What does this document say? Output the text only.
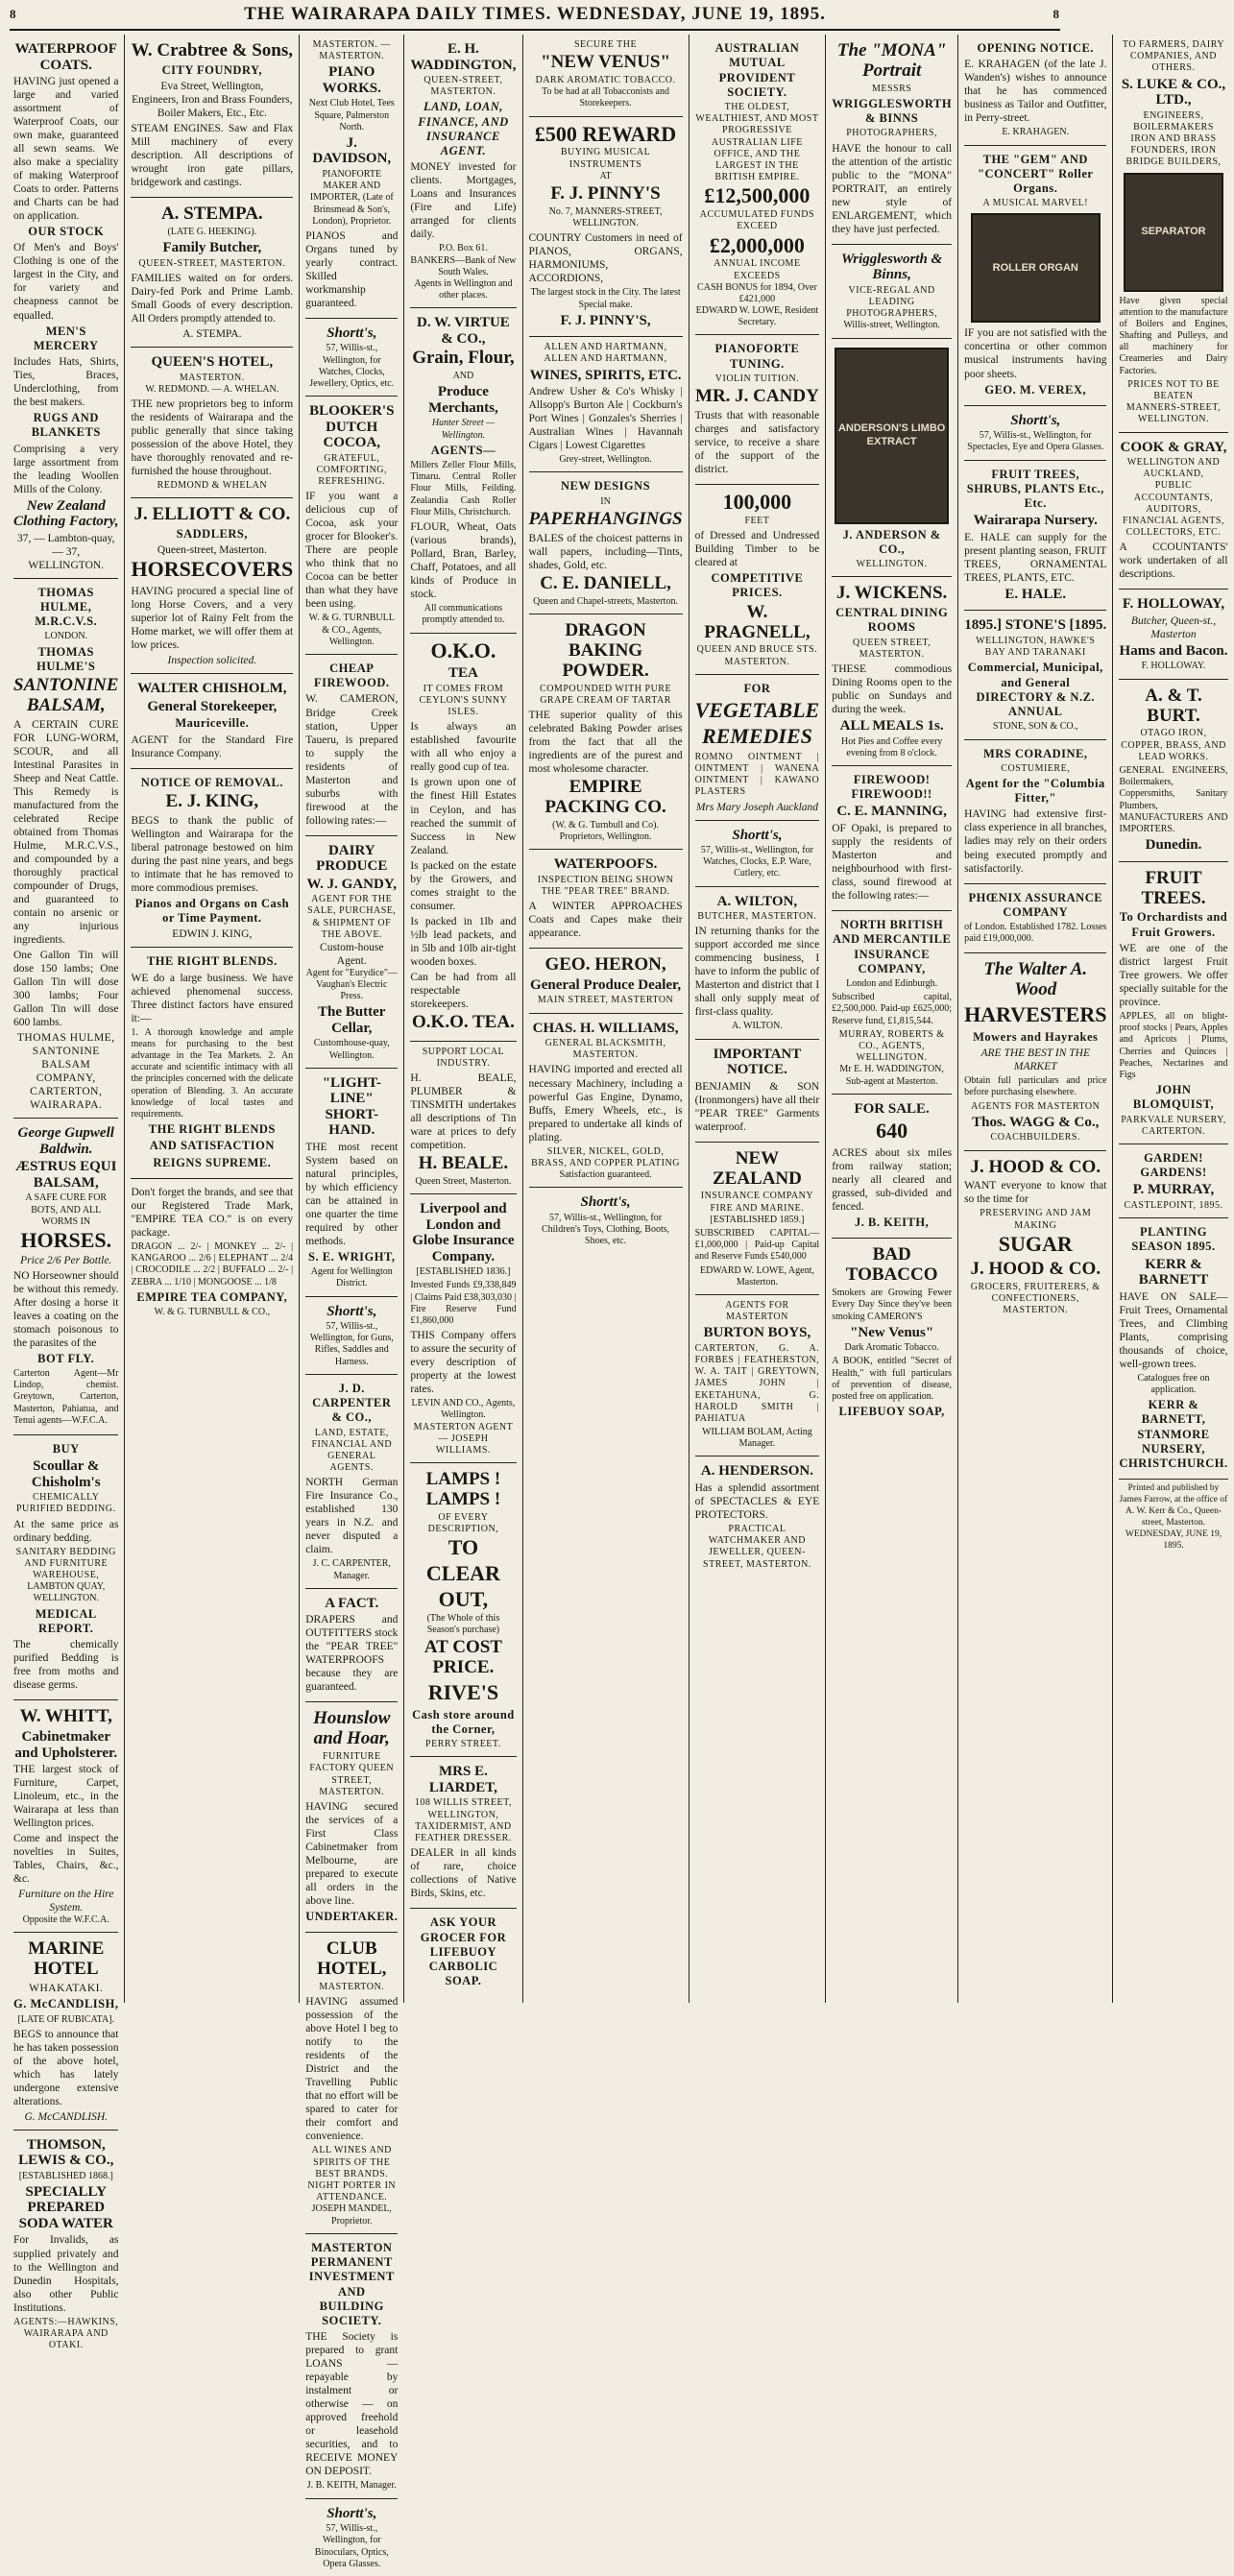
8	THE WAIRARAPA DAILY TIMES. WEDNESDAY, JUNE 19, 1895.	8
WATERPROOF COATS.
HAVING just opened a large and varied assortment of Waterproof Coats, our own make, guaranteed all sewn seams. We also make a speciality of making Waterproof Coats to order. Patterns and Charts can be had on application.
OUR STOCK
Of Men's and Boys' Clothing is one of the largest in the City, and for variety and cheapness cannot be equalled.
MEN'S MERCERY
Includes Hats, Shirts, Ties, Braces, Underclothing, from the best makers.
RUGS AND BLANKETS
Comprising a very large assortment from the leading Woollen Mills of the Colony.
New Zealand Clothing Factory,
37, — Lambton-quay, — 37, WELLINGTON.
THOMAS HULME, M.R.C.V.S.
LONDON.
THOMAS HULME'S
SANTONINE BALSAM,
A CERTAIN CURE FOR LUNG-WORM, SCOUR, and all Intestinal Parasites in Sheep and Neat Cattle. This Remedy is manufactured from the celebrated Recipe obtained from Thomas Hulme, M.R.C.V.S., and compounded by a thoroughly practical compounder of Drugs, and guaranteed to contain no arsenic or any injurious ingredients.
One Gallon Tin will dose 150 lambs; One Gallon Tin will dose 300 lambs; Four Gallon Tin will dose 600 lambs.
THOMAS HULME, SANTONINE BALSAM COMPANY, CARTERTON, WAIRARAPA.
George Gupwell Baldwin.
ÆSTRUS EQUI BALSAM,
A SAFE CURE FOR BOTS, AND ALL WORMS IN
HORSES.
Price 2/6 Per Bottle.
NO Horseowner should be without this remedy. After dosing a horse it leaves a coating on the stomach poisonous to the parasites of the
BOT FLY.
Carterton Agent—Mr Lindop, chemist. Greytown, Carterton, Masterton, Pahiatua, and Tenui agents—W.F.C.A.
BUY
Scoullar & Chisholm's
CHEMICALLY PURIFIED BEDDING.
At the same price as ordinary bedding.
SANITARY BEDDING AND FURNITURE WAREHOUSE,
LAMBTON QUAY, WELLINGTON.
MEDICAL REPORT.
The chemically purified Bedding is free from moths and disease germs.
W. WHITT,
Cabinetmaker and Upholsterer.
THE largest stock of Furniture, Carpet, Linoleum, etc., in the Wairarapa at less than Wellington prices.
Come and inspect the novelties in Suites, Tables, Chairs, &c., &c.
Furniture on the Hire System.
Opposite the W.F.C.A.
MARINE HOTEL
WHAKATAKI.
G. McCANDLISH,
[LATE OF RUBICATA].
BEGS to announce that he has taken possession of the above hotel, which has lately undergone extensive alterations.
G. McCANDLISH.
THOMSON, LEWIS & CO.,
[ESTABLISHED 1868.]
SPECIALLY PREPARED SODA WATER
For Invalids, as supplied privately and to the Wellington and Dunedin Hospitals, also other Public Institutions.
AGENTS:—HAWKINS, WAIRARAPA AND OTAKI.
W. Crabtree & Sons,
CITY FOUNDRY,
Eva Street, Wellington,
Engineers, Iron and Brass Founders, Boiler Makers, Etc., Etc.
STEAM ENGINES. Saw and Flax Mill machinery of every description. All descriptions of wrought iron gate pillars, bridgework and castings.
A. STEMPA.
(LATE G. HEEKING).
Family Butcher,
QUEEN-STREET, MASTERTON.
FAMILIES waited on for orders. Dairy-fed Pork and Prime Lamb. Small Goods of every description. All Orders promptly attended to.
A. STEMPA.
QUEEN'S HOTEL,
MASTERTON.
W. REDMOND. — A. WHELAN.
THE new proprietors beg to inform the residents of Wairarapa and the public generally that since taking possession of the above Hotel, they have thoroughly renovated and re-furnished the house throughout.
REDMOND & WHELAN
J. ELLIOTT & CO.
SADDLERS,
Queen-street, Masterton.
HORSECOVERS
HAVING procured a special line of long Horse Covers, and a very superior lot of Rainy Felt from the Home market, we will offer them at low prices.
Inspection solicited.
WALTER CHISHOLM,
General Storekeeper,
Mauriceville.
AGENT for the Standard Fire Insurance Company.
NOTICE OF REMOVAL.
E. J. KING,
BEGS to thank the public of Wellington and Wairarapa for the liberal patronage bestowed on him during the past nine years, and begs to intimate that he has removed to more commodious premises.
Pianos and Organs on Cash or Time Payment.
EDWIN J. KING,
THE RIGHT BLENDS.
WE do a large business. We have achieved phenomenal success. Three distinct factors have ensured it:—
1. A thorough knowledge and ample means for purchasing to the best advantage in the Tea Markets. 2. An accurate and scientific intimacy with all the principles concerned with the delicate operation of Blending. 3. An accurate knowledge of local tastes and requirements.
THE RIGHT BLENDS
AND SATISFACTION
REIGNS SUPREME.
Don't forget the brands, and see that our Registered Trade Mark, "EMPIRE TEA CO." is on every package.
DRAGON ... 2/- | MONKEY ... 2/- | KANGAROO ... 2/6 | ELEPHANT ... 2/4 | CROCODILE ... 2/2 | BUFFALO ... 2/- | ZEBRA ... 1/10 | MONGOOSE ... 1/8
EMPIRE TEA COMPANY,
W. & G. TURNBULL & CO.,
MASTERTON. — MASTERTON.
PIANO WORKS.
Next Club Hotel, Tees Square, Palmerston North.
J. DAVIDSON,
PIANOFORTE MAKER AND IMPORTER, (Late of Brinsmead & Son's, London), Proprietor.
PIANOS and Organs tuned by yearly contract. Skilled workmanship guaranteed.
Shortt's,
57, Willis-st., Wellington, for Watches, Clocks, Jewellery, Optics, etc.
BLOOKER'S DUTCH COCOA,
GRATEFUL, COMFORTING, REFRESHING.
IF you want a delicious cup of Cocoa, ask your grocer for Blooker's. There are people who think that no Cocoa can be better than what they have been using.
W. & G. TURNBULL & CO., Agents, Wellington.
CHEAP FIREWOOD.
W. CAMERON, Bridge Creek station, Upper Taueru, is prepared to supply the residents of Masterton and suburbs with firewood at the following rates:—
DAIRY PRODUCE
W. J. GANDY,
AGENT FOR THE SALE, PURCHASE, & SHIPMENT OF THE ABOVE.
Custom-house Agent.
Agent for "Eurydice"—Vaughan's Electric Press.
The Butter Cellar,
Customhouse-quay, Wellington.
"LIGHT-LINE" SHORT-HAND.
THE most recent System based on natural principles, by which efficiency can be attained in one quarter the time required by other methods.
S. E. WRIGHT,
Agent for Wellington District.
Shortt's,
57, Willis-st., Wellington, for Guns, Rifles, Saddles and Harness.
J. D. CARPENTER & CO.,
LAND, ESTATE, FINANCIAL AND GENERAL AGENTS.
NORTH German Fire Insurance Co., established 130 years in N.Z. and never disputed a claim.
J. C. CARPENTER, Manager.
A FACT.
DRAPERS and OUTFITTERS stock the "PEAR TREE" WATERPROOFS because they are guaranteed.
Hounslow and Hoar,
FURNITURE FACTORY QUEEN STREET, MASTERTON.
HAVING secured the services of a First Class Cabinetmaker from Melbourne, are prepared to execute all orders in the above line.
UNDERTAKER.
CLUB HOTEL,
MASTERTON.
HAVING assumed possession of the above Hotel I beg to notify to the residents of the District and the Travelling Public that no effort will be spared to cater for their comfort and convenience.
ALL WINES AND SPIRITS OF THE BEST BRANDS.
NIGHT PORTER IN ATTENDANCE.
JOSEPH MANDEL, Proprietor.
MASTERTON PERMANENT INVESTMENT AND BUILDING SOCIETY.
THE Society is prepared to grant LOANS — repayable by instalment or otherwise — on approved freehold or leasehold securities, and to RECEIVE MONEY ON DEPOSIT.
J. B. KEITH, Manager.
Shortt's,
57, Willis-st., Wellington, for Binoculars, Optics, Opera Glasses.
E. H. WADDINGTON,
QUEEN-STREET, MASTERTON.
LAND, LOAN, FINANCE, AND INSURANCE AGENT.
MONEY invested for clients. Mortgages, Loans and Insurances (Fire and Life) arranged for clients daily.
P.O. Box 61.
BANKERS—Bank of New South Wales.
Agents in Wellington and other places.
D. W. VIRTUE & CO.,
Grain, Flour,
AND
Produce Merchants,
Hunter Street — Wellington.
AGENTS—
Millers Zeller Flour Mills, Timaru. Central Roller Flour Mills, Feilding. Zealandia Cash Roller Flour Mills, Christchurch.
FLOUR, Wheat, Oats (various brands), Pollard, Bran, Barley, Chaff, Potatoes, and all kinds of Produce in stock.
All communications promptly attended to.
O.K.O.
TEA
IT COMES FROM CEYLON'S SUNNY ISLES.
Is always an established favourite with all who enjoy a really good cup of tea.
Is grown upon one of the finest Hill Estates in Ceylon, and has reached the summit of Success in New Zealand.
Is packed on the estate by the Growers, and comes straight to the consumer.
Is packed in 1lb and ½lb lead packets, and in 5lb and 10lb air-tight wooden boxes.
Can be had from all respectable storekeepers.
O.K.O. TEA.
SUPPORT LOCAL INDUSTRY.
H. BEALE, PLUMBER & TINSMITH undertakes all descriptions of Tin ware at prices to defy competition.
H. BEALE.
Queen Street, Masterton.
Liverpool and London and Globe Insurance Company.
[ESTABLISHED 1836.]
Invested Funds £9,338,849 | Claims Paid £38,303,030 | Fire Reserve Fund £1,860,000
THIS Company offers to assure the security of every description of property at the lowest rates.
LEVIN AND CO., Agents, Wellington.
MASTERTON AGENT — JOSEPH WILLIAMS.
LAMPS ! LAMPS !
OF EVERY DESCRIPTION,
TO CLEAR OUT,
(The Whole of this Season's purchase)
AT COST PRICE.
RIVE'S
Cash store around the Corner,
PERRY STREET.
MRS E. LIARDET,
108 WILLIS STREET, WELLINGTON,
TAXIDERMIST, AND FEATHER DRESSER.
DEALER in all kinds of rare, choice collections of Native Birds, Skins, etc.
ASK YOUR GROCER FOR LIFEBUOY CARBOLIC SOAP.
SECURE THE
"NEW VENUS"
DARK AROMATIC TOBACCO.
To be had at all Tobacconists and Storekeepers.
£500 REWARD
BUYING MUSICAL INSTRUMENTS
AT
F. J. PINNY'S
No. 7, MANNERS-STREET, WELLINGTON.
COUNTRY Customers in need of PIANOS, ORGANS, HARMONIUMS, ACCORDIONS,
The largest stock in the City. The latest Special make.
F. J. PINNY'S,
ALLEN AND HARTMANN, ALLEN AND HARTMANN,
WINES, SPIRITS, ETC.
Andrew Usher & Co's Whisky | Allsopp's Burton Ale | Cockburn's Port Wines | Gonzales's Sherries | Australian Wines | Havannah Cigars | Lowest Cigarettes
Grey-street, Wellington.
NEW DESIGNS
IN
PAPERHANGINGS
BALES of the choicest patterns in wall papers, including—Tints, shades, Gold, etc.
C. E. DANIELL,
Queen and Chapel-streets, Masterton.
DRAGON BAKING POWDER.
COMPOUNDED WITH PURE GRAPE CREAM OF TARTAR
THE superior quality of this celebrated Baking Powder arises from the fact that all the ingredients are of the purest and most wholesome character.
EMPIRE PACKING CO.
(W. & G. Turnbull and Co).
Proprietors, Wellington.
WATERPOOFS.
INSPECTION BEING SHOWN THE "PEAR TREE" BRAND.
A WINTER APPROACHES Coats and Capes make their appearance.
GEO. HERON,
General Produce Dealer,
MAIN STREET, MASTERTON
CHAS. H. WILLIAMS,
GENERAL BLACKSMITH, MASTERTON.
HAVING imported and erected all necessary Machinery, including a powerful Gas Engine, Dynamo, Buffs, Emery Wheels, etc., is prepared to undertake all kinds of plating.
SILVER, NICKEL, GOLD, BRASS, AND COPPER PLATING
Satisfaction guaranteed.
Shortt's,
57, Willis-st., Wellington, for Children's Toys, Clothing, Boots, Shoes, etc.
AUSTRALIAN MUTUAL PROVIDENT SOCIETY.
THE OLDEST, WEALTHIEST, AND MOST PROGRESSIVE
AUSTRALIAN LIFE OFFICE, AND THE LARGEST IN THE BRITISH EMPIRE.
£12,500,000
ACCUMULATED FUNDS EXCEED
£2,000,000
ANNUAL INCOME EXCEEDS
CASH BONUS for 1894, Over £421,000
EDWARD W. LOWE, Resident Secretary.
PIANOFORTE TUNING.
VIOLIN TUITION.
MR. J. CANDY
Trusts that with reasonable charges and satisfactory service, to receive a share of the support of the district.
100,000
FEET
of Dressed and Undressed Building Timber to be cleared at
COMPETITIVE PRICES.
W. PRAGNELL,
QUEEN AND BRUCE STS. MASTERTON.
FOR
VEGETABLE REMEDIES
ROMNO OINTMENT | OINTMENT | WANENA OINTMENT | KAWANO PLASTERS
Mrs Mary Joseph Auckland
Shortt's,
57, Willis-st., Wellington, for Watches, Clocks, E.P. Ware, Cutlery, etc.
A. WILTON,
BUTCHER, MASTERTON.
IN returning thanks for the support accorded me since commencing business, I have to inform the public of Masterton and district that I shall only supply meat of first-class quality.
A. WILTON.
IMPORTANT NOTICE.
BENJAMIN & SON (Ironmongers) have all their "PEAR TREE" Garments waterproof.
NEW ZEALAND
INSURANCE COMPANY
FIRE AND MARINE.
[ESTABLISHED 1859.]
SUBSCRIBED CAPITAL—£1,000,000 | Paid-up Capital and Reserve Funds £540,000
EDWARD W. LOWE, Agent, Masterton.
AGENTS FOR MASTERTON
BURTON BOYS,
CARTERTON, G. A. FORBES | FEATHERSTON, W. A. TAIT | GREYTOWN, JAMES JOHN | EKETAHUNA, G. HAROLD SMITH | PAHIATUA
WILLIAM BOLAM, Acting Manager.
A. HENDERSON.
Has a splendid assortment of SPECTACLES & EYE PROTECTORS.
PRACTICAL WATCHMAKER AND JEWELLER, QUEEN-STREET, MASTERTON.
The "MONA" Portrait
MESSRS
WRIGGLESWORTH & BINNS
PHOTOGRAPHERS,
HAVE the honour to call the attention of the artistic public to the "MONA" PORTRAIT, an entirely new style of ENLARGEMENT, which they have just perfected.
Wrigglesworth & Binns,
VICE-REGAL AND LEADING PHOTOGRAPHERS,
Willis-street, Wellington.
ANDERSON'S LIMBO EXTRACT
J. ANDERSON & CO.,
WELLINGTON.
J. WICKENS.
CENTRAL DINING ROOMS
QUEEN STREET, MASTERTON.
THESE commodious Dining Rooms open to the public on Sundays and during the week.
ALL MEALS 1s.
Hot Pies and Coffee every evening from 8 o'clock.
FIREWOOD! FIREWOOD!!
C. E. MANNING,
OF Opaki, is prepared to supply the residents of Masterton and neighbourhood with first-class, sound firewood at the following rates:—
NORTH BRITISH AND MERCANTILE INSURANCE COMPANY,
London and Edinburgh.
Subscribed capital, £2,500,000. Paid-up £625,000; Reserve fund, £1,815,544.
MURRAY, ROBERTS & CO., AGENTS, WELLINGTON.
Mr E. H. WADDINGTON, Sub-agent at Masterton.
FOR SALE.
640
ACRES about six miles from railway station; nearly all cleared and grassed, sub-divided and fenced.
J. B. KEITH,
BAD TOBACCO
Smokers are Growing Fewer Every Day Since they've been smoking CAMERON'S
"New Venus"
Dark Aromatic Tobacco.
A BOOK, entitled "Secret of Health," with full particulars of prevention of disease, posted free on application.
LIFEBUOY SOAP,
OPENING NOTICE.
E. KRAHAGEN (of the late J. Wanden's) wishes to announce that he has commenced business as Tailor and Outfitter, in Perry-street.
E. KRAHAGEN.
THE "GEM" AND "CONCERT" Roller Organs.
A MUSICAL MARVEL!
ROLLER ORGAN
IF you are not satisfied with the concertina or other common musical instruments having poor sheets.
GEO. M. VEREX,
Shortt's,
57, Willis-st., Wellington, for Spectacles, Eye and Opera Glasses.
FRUIT TREES, SHRUBS, PLANTS Etc., Etc.
Wairarapa Nursery.
E. HALE can supply for the present planting season, FRUIT TREES, ORNAMENTAL TREES, PLANTS, ETC.
E. HALE.
1895.] STONE'S [1895.
WELLINGTON, HAWKE'S BAY AND TARANAKI
Commercial, Municipal, and General DIRECTORY & N.Z. ANNUAL
STONE, SON & CO.,
MRS CORADINE,
COSTUMIERE,
Agent for the "Columbia Fitter,"
HAVING had extensive first-class experience in all branches, ladies may rely on their orders being executed promptly and satisfactorily.
PHŒNIX ASSURANCE COMPANY
of London. Established 1782. Losses paid £19,000,000.
The Walter A. Wood
HARVESTERS
Mowers and Hayrakes
ARE THE BEST IN THE MARKET
Obtain full particulars and price before purchasing elsewhere.
AGENTS FOR MASTERTON
Thos. WAGG & Co.,
COACHBUILDERS.
J. HOOD & CO.
WANT everyone to know that so the time for
PRESERVING AND JAM MAKING
SUGAR
J. HOOD & CO.
GROCERS, FRUITERERS, & CONFECTIONERS, MASTERTON.
TO FARMERS, DAIRY COMPANIES, AND OTHERS.
S. LUKE & CO., LTD.,
ENGINEERS, BOILERMAKERS IRON AND BRASS FOUNDERS, IRON BRIDGE BUILDERS,
SEPARATOR
Have given special attention to the manufacture of Boilers and Engines, Shafting and Pulleys, and all machinery for Creameries and Dairy Factories.
PRICES NOT TO BE BEATEN
MANNERS-STREET, WELLINGTON.
COOK & GRAY,
WELLINGTON AND AUCKLAND,
PUBLIC ACCOUNTANTS, AUDITORS, FINANCIAL AGENTS, COLLECTORS, ETC.
A CCOUNTANTS' work undertaken of all descriptions.
F. HOLLOWAY,
Butcher, Queen-st., Masterton
Hams and Bacon.
F. HOLLOWAY.
A. & T. BURT.
OTAGO IRON, COPPER, BRASS, AND LEAD WORKS.
GENERAL ENGINEERS, Boilermakers, Coppersmiths, Sanitary Plumbers, MANUFACTURERS AND IMPORTERS.
Dunedin.
FRUIT TREES.
To Orchardists and Fruit Growers.
WE are one of the district largest Fruit Tree growers. We offer specially suitable for the province.
APPLES, all on blight-proof stocks | Pears, Apples and Apricots | Plums, Cherries and Quinces | Peaches, Nectarines and Figs
JOHN BLOMQUIST,
PARKVALE NURSERY, CARTERTON.
GARDEN! GARDENS!
P. MURRAY,
CASTLEPOINT, 1895.
PLANTING SEASON 1895.
KERR & BARNETT
HAVE ON SALE—Fruit Trees, Ornamental Trees, and Climbing Plants, comprising thousands of choice, well-grown trees.
Catalogues free on application.
KERR & BARNETT, STANMORE NURSERY, CHRISTCHURCH.
Printed and published by James Farrow, at the office of A. W. Kerr & Co., Queen-street, Masterton. WEDNESDAY, JUNE 19, 1895.
